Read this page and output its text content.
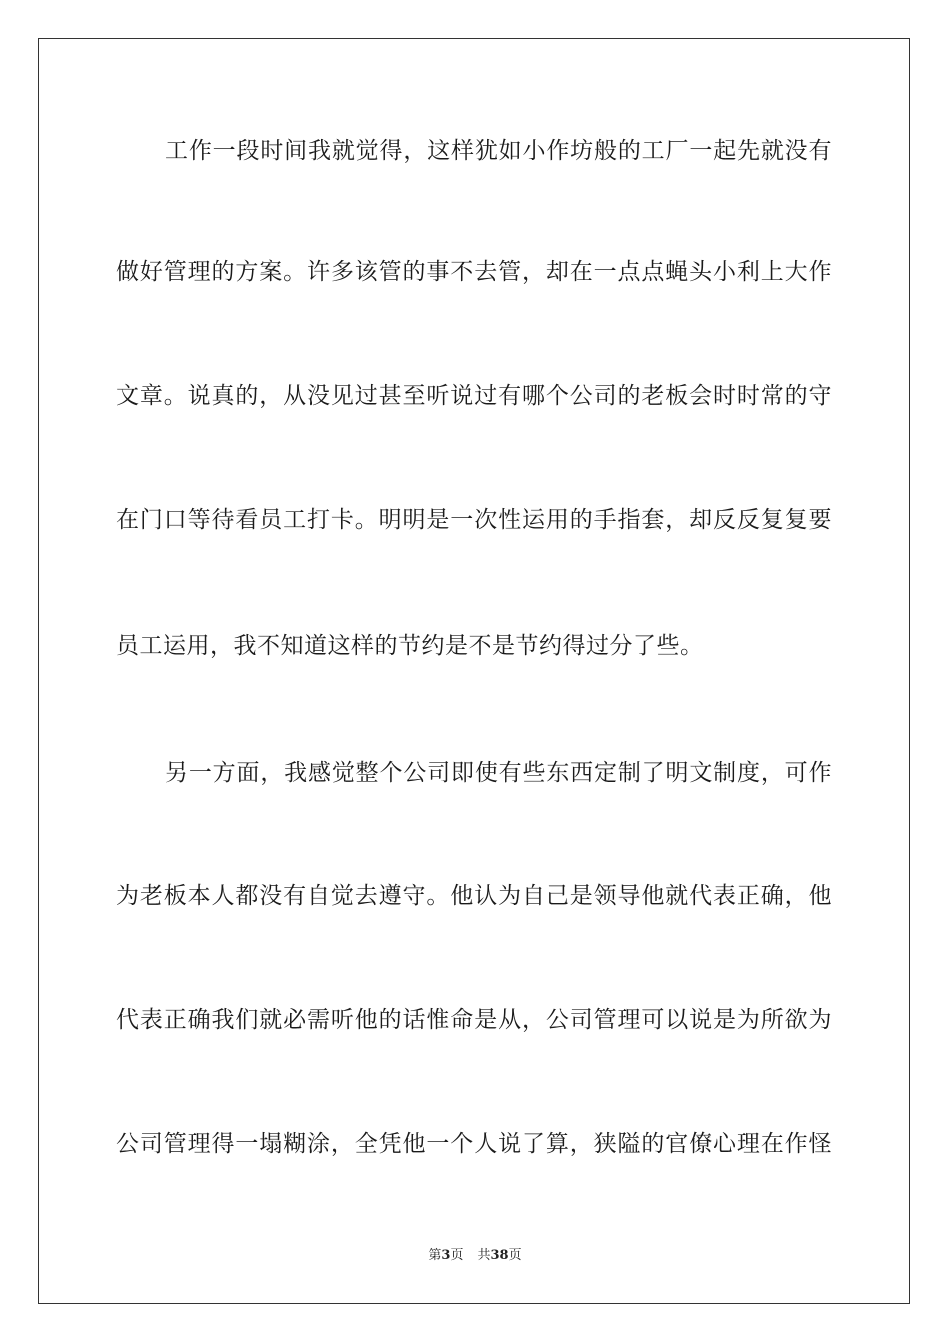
工作一段时间我就觉得，这样犹如小作坊般的工厂一起先就没有
做好管理的方案。许多该管的事不去管，却在一点点蝇头小利上大作
文章。说真的，从没见过甚至听说过有哪个公司的老板会时时常的守
在门口等待看员工打卡。明明是一次性运用的手指套，却反反复复要
员工运用，我不知道这样的节约是不是节约得过分了些。
另一方面，我感觉整个公司即使有些东西定制了明文制度，可作
为老板本人都没有自觉去遵守。他认为自己是领导他就代表正确，他
代表正确我们就必需听他的话惟命是从，公司管理可以说是为所欲为
公司管理得一塌糊涂，全凭他一个人说了算，狭隘的官僚心理在作怪
第3页 共38页
